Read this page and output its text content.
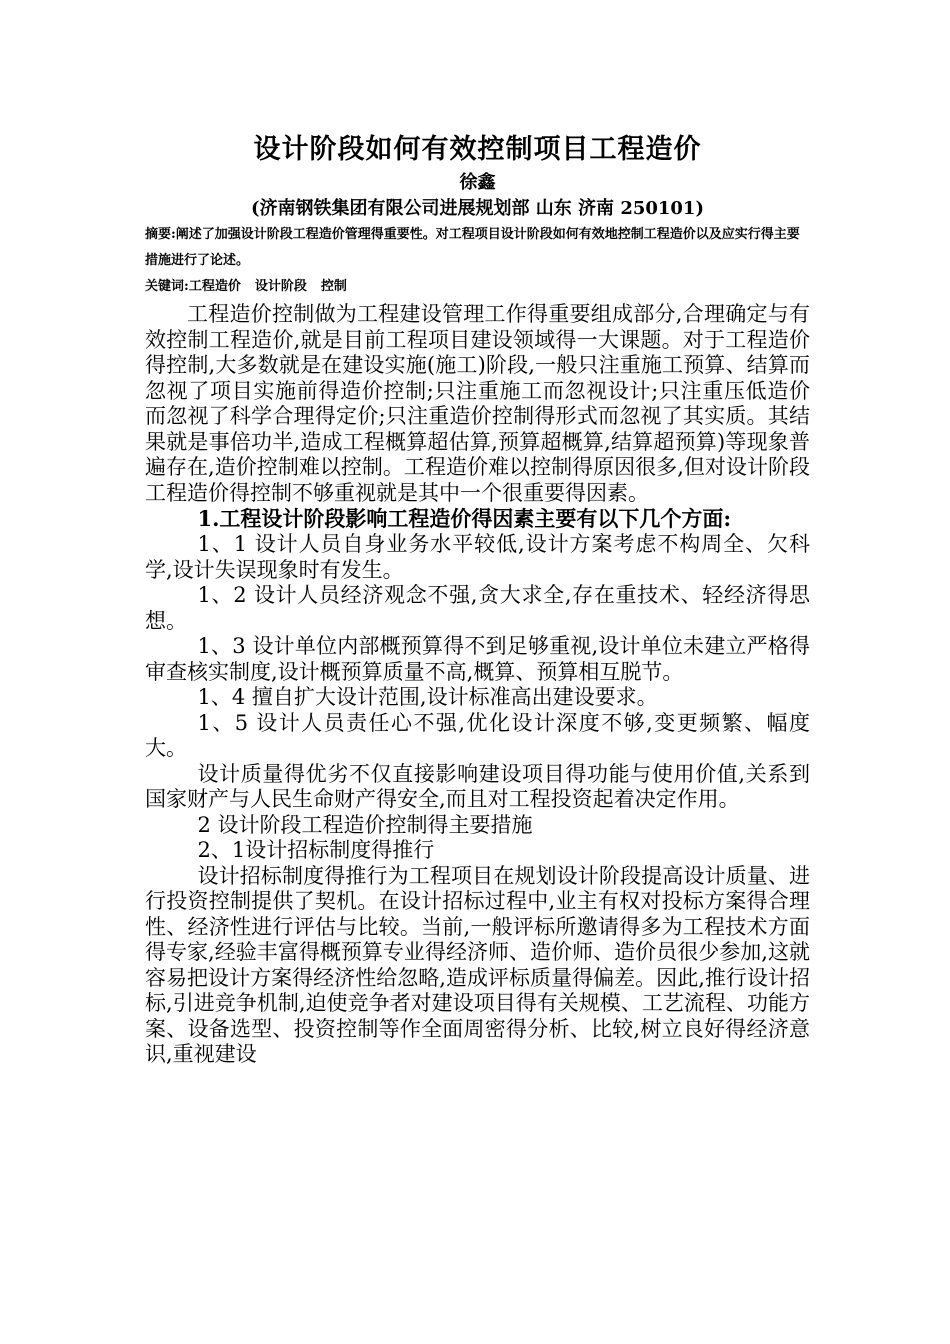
设计阶段如何有效控制项目工程造价

徐鑫

(济南钢铁集团有限公司进展规划部 山东 济南 250101)

摘要:阐述了加强设计阶段工程造价管理得重要性。对工程项目设计阶段如何有效地控制工程造价以及应实行得主要措施进行了论述。

关键词:工程造价 设计阶段 控制

工程造价控制做为工程建设管理工作得重要组成部分,合理确定与有效控制工程造价,就是目前工程项目建设领域得一大课题。对于工程造价得控制,大多数就是在建设实施(施工)阶段,一般只注重施工预算、结算而忽视了项目实施前得造价控制;只注重施工而忽视设计;只注重压低造价而忽视了科学合理得定价;只注重造价控制得形式而忽视了其实质。其结果就是事倍功半,造成工程概算超估算,预算超概算,结算超预算)等现象普遍存在,造价控制难以控制。工程造价难以控制得原因很多,但对设计阶段工程造价得控制不够重视就是其中一个很重要得因素。

1.工程设计阶段影响工程造价得因素主要有以下几个方面:

1、1 设计人员自身业务水平较低,设计方案考虑不构周全、欠科学,设计失误现象时有发生。

1、2 设计人员经济观念不强,贪大求全,存在重技术、轻经济得思想。

1、3 设计单位内部概预算得不到足够重视,设计单位未建立严格得审查核实制度,设计概预算质量不高,概算、预算相互脱节。

1、4 擅自扩大设计范围,设计标准高出建设要求。

1、5 设计人员责任心不强,优化设计深度不够,变更频繁、幅度大。

设计质量得优劣不仅直接影响建设项目得功能与使用价值,关系到国家财产与人民生命财产得安全,而且对工程投资起着决定作用。

2 设计阶段工程造价控制得主要措施

2、1设计招标制度得推行

设计招标制度得推行为工程项目在规划设计阶段提高设计质量、进行投资控制提供了契机。在设计招标过程中,业主有权对投标方案得合理性、经济性进行评估与比较。当前,一般评标所邀请得多为工程技术方面得专家,经验丰富得概预算专业得经济师、造价师、造价员很少参加,这就容易把设计方案得经济性给忽略,造成评标质量得偏差。因此,推行设计招标,引进竞争机制,迫使竞争者对建设项目得有关规模、工艺流程、功能方案、设备选型、投资控制等作全面周密得分析、比较,树立良好得经济意识,重视建设
